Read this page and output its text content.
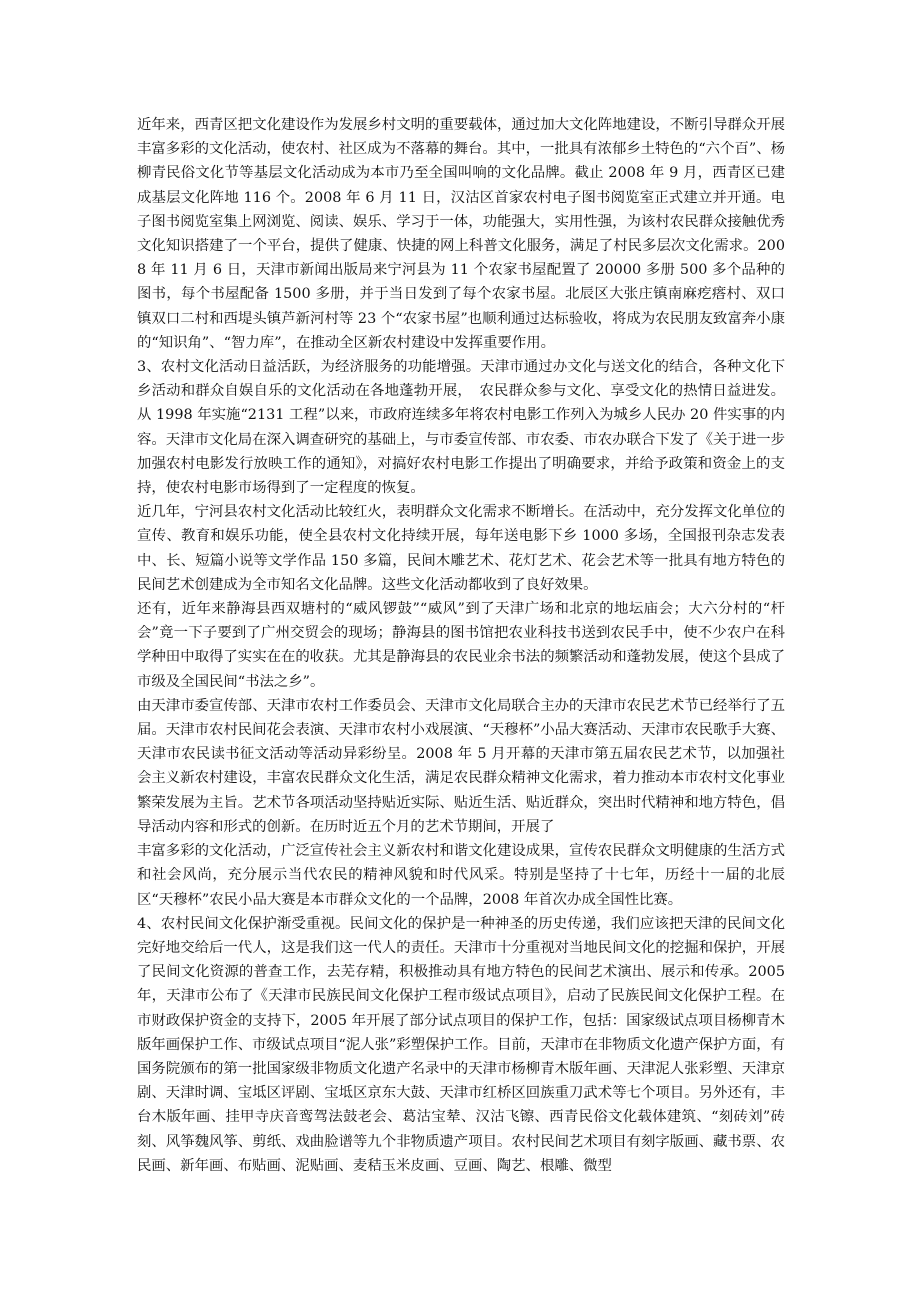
近年来，西青区把文化建设作为发展乡村文明的重要载体，通过加大文化阵地建设，不断引导群众开展丰富多彩的文化活动，使农村、社区成为不落幕的舞台。其中，一批具有浓郁乡土特色的“六个百”、杨柳青民俗文化节等基层文化活动成为本市乃至全国叫响的文化品牌。截止 2008 年 9 月，西青区已建成基层文化阵地 116 个。2008 年 6 月 11 日，汉沽区首家农村电子图书阅览室正式建立并开通。电子图书阅览室集上网浏览、阅读、娱乐、学习于一体，功能强大，实用性强，为该村农民群众接触优秀文化知识搭建了一个平台，提供了健康、快捷的网上科普文化服务，满足了村民多层次文化需求。2008 年 11 月 6 日，天津市新闻出版局来宁河县为 11 个农家书屋配置了 20000 多册 500 多个品种的图书，每个书屋配备 1500 多册，并于当日发到了每个农家书屋。北辰区大张庄镇南麻疙瘩村、双口镇双口二村和西堤头镇芦新河村等 23 个“农家书屋”也顺利通过达标验收，将成为农民朋友致富奔小康的“知识角”、“智力库”，在推动全区新农村建设中发挥重要作用。

3、农村文化活动日益活跃，为经济服务的功能增强。天津市通过办文化与送文化的结合，各种文化下乡活动和群众自娱自乐的文化活动在各地蓬勃开展，　农民群众参与文化、享受文化的热情日益进发。从 1998 年实施“2131 工程”以来，市政府连续多年将农村电影工作列入为城乡人民办 20 件实事的内容。天津市文化局在深入调查研究的基础上，与市委宣传部、市农委、市农办联合下发了《关于进一步加强农村电影发行放映工作的通知》，对搞好农村电影工作提出了明确要求，并给予政策和资金上的支持，使农村电影市场得到了一定程度的恢复。

近几年，宁河县农村文化活动比较红火，表明群众文化需求不断增长。在活动中，充分发挥文化单位的宣传、教育和娱乐功能，使全县农村文化持续开展，每年送电影下乡 1000 多场，全国报刊杂志发表中、长、短篇小说等文学作品 150 多篇，民间木雕艺术、花灯艺术、花会艺术等一批具有地方特色的民间艺术创建成为全市知名文化品牌。这些文化活动都收到了良好效果。

还有，近年来静海县西双塘村的“威风锣鼓”“威风”到了天津广场和北京的地坛庙会；大六分村的“杆会”竟一下子要到了广州交贸会的现场；静海县的图书馆把农业科技书送到农民手中，使不少农户在科学种田中取得了实实在在的收获。尤其是静海县的农民业余书法的频繁活动和蓬勃发展，使这个县成了市级及全国民间“书法之乡”。

由天津市委宣传部、天津市农村工作委员会、天津市文化局联合主办的天津市农民艺术节已经举行了五届。天津市农村民间花会表演、天津市农村小戏展演、“天穆杯”小品大赛活动、天津市农民歌手大赛、天津市农民读书征文活动等活动异彩纷呈。2008 年 5 月开幕的天津市第五届农民艺术节，以加强社会主义新农村建设，丰富农民群众文化生活，满足农民群众精神文化需求，着力推动本市农村文化事业繁荣发展为主旨。艺术节各项活动坚持贴近实际、贴近生活、贴近群众，突出时代精神和地方特色，倡导活动内容和形式的创新。在历时近五个月的艺术节期间，开展了

丰富多彩的文化活动，广泛宣传社会主义新农村和谐文化建设成果，宣传农民群众文明健康的生活方式和社会风尚，充分展示当代农民的精神风貌和时代风采。特别是坚持了十七年，历经十一届的北辰区“天穆杯”农民小品大赛是本市群众文化的一个品牌，2008 年首次办成全国性比赛。

4、农村民间文化保护渐受重视。民间文化的保护是一种神圣的历史传递，我们应该把天津的民间文化完好地交给后一代人，这是我们这一代人的责任。天津市十分重视对当地民间文化的挖掘和保护，开展了民间文化资源的普查工作，去芜存精，积极推动具有地方特色的民间艺术演出、展示和传承。2005 年，天津市公布了《天津市民族民间文化保护工程市级试点项目》，启动了民族民间文化保护工程。在市财政保护资金的支持下，2005 年开展了部分试点项目的保护工作，包括：国家级试点项目杨柳青木版年画保护工作、市级试点项目“泥人张”彩塑保护工作。目前，天津市在非物质文化遗产保护方面，有国务院颁布的第一批国家级非物质文化遗产名录中的天津市杨柳青木版年画、天津泥人张彩塑、天津京剧、天津时调、宝坻区评剧、宝坻区京东大鼓、天津市红桥区回族重刀武术等七个项目。另外还有，丰台木版年画、挂甲寺庆音鸾驾法鼓老会、葛沽宝辇、汉沽飞镲、西青民俗文化载体建筑、“刻砖刘”砖刻、风筝魏风筝、剪纸、戏曲脸谱等九个非物质遗产项目。农村民间艺术项目有刻字版画、藏书票、农民画、新年画、布贴画、泥贴画、麦秸玉米皮画、豆画、陶艺、根雕、微型
